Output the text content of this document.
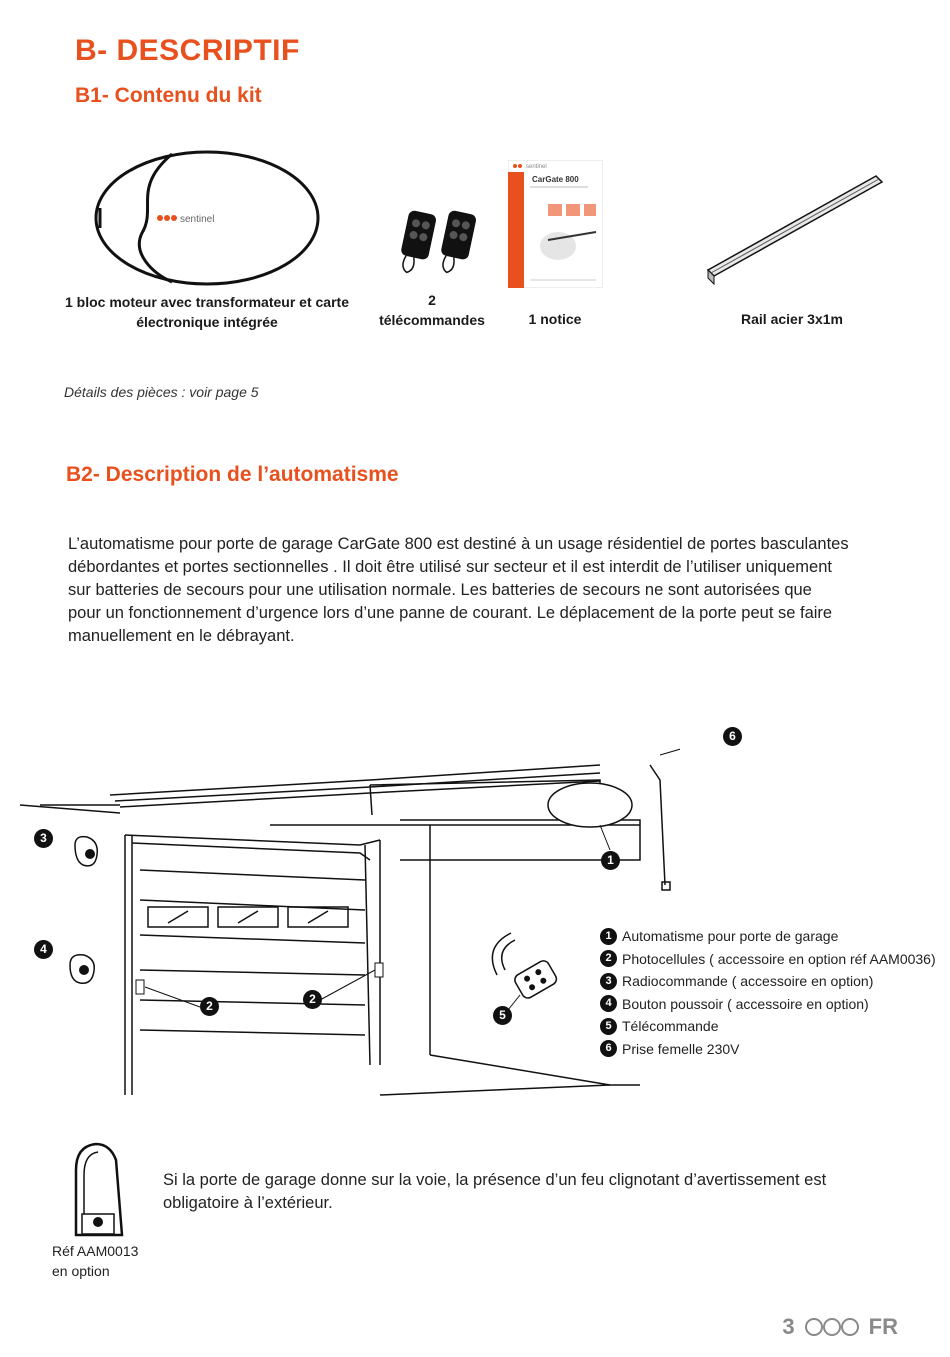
B- DESCRIPTIF
B1- Contenu du kit
sentinel
sentinel
CarGate 800
1 bloc moteur avec transformateur et carte
électronique intégrée
2
télécommandes	1 notice	Rail acier 3x1m
Détails des pièces : voir page 5
B2- Description de l’automatisme
L’automatisme pour porte de garage CarGate 800 est destiné à un usage résidentiel de portes basculantes
débordantes et portes sectionnelles . Il doit être utilisé sur secteur et il est interdit de l’utiliser uniquement
sur batteries de secours pour une utilisation normale. Les batteries de secours ne sont autorisées que
pour un fonctionnement d’urgence lors d’une panne de courant. Le déplacement de la porte peut se faire
manuellement en le débrayant.
6
1
3
4
2	2
5
1 Automatisme pour porte de garage
2 Photocellules ( accessoire en option réf AAM0036)
3 Radiocommande ( accessoire en option)
4 Bouton poussoir ( accessoire en option)
5 Télécommande
6 Prise femelle 230V
Si la porte de garage donne sur la voie, la présence d’un feu clignotant d’avertissement est
obligatoire à l’extérieur.
Réf AAM0013
en option
3	FR
